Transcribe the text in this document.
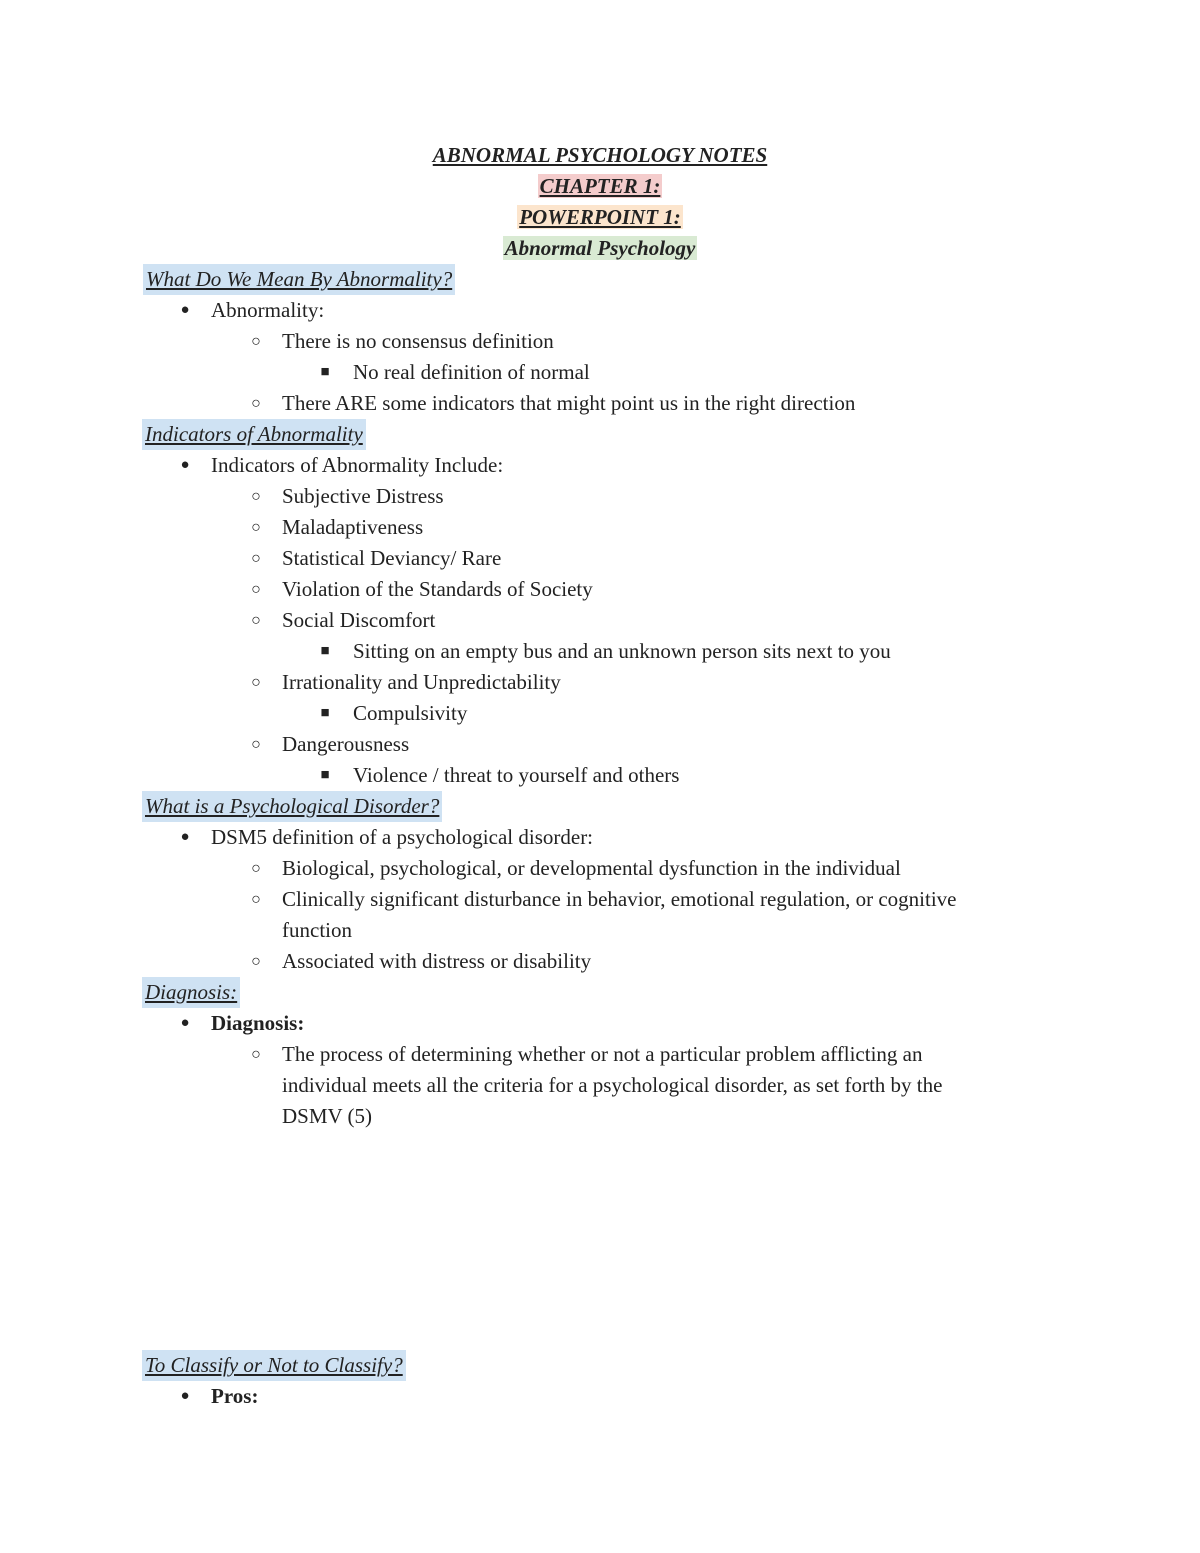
ABNORMAL PSYCHOLOGY NOTES
CHAPTER 1:
POWERPOINT 1:
Abnormal Psychology
What Do We Mean By Abnormality?
● Abnormality:
○ There is no consensus definition
■ No real definition of normal
○ There ARE some indicators that might point us in the right direction
Indicators of Abnormality
● Indicators of Abnormality Include:
○ Subjective Distress
○ Maladaptiveness
○ Statistical Deviancy/ Rare
○ Violation of the Standards of Society
○ Social Discomfort
■ Sitting on an empty bus and an unknown person sits next to you
○ Irrationality and Unpredictability
■ Compulsivity
○ Dangerousness
■ Violence / threat to yourself and others
What is a Psychological Disorder?
● DSM5 definition of a psychological disorder:
○ Biological, psychological, or developmental dysfunction in the individual
○ Clinically significant disturbance in behavior, emotional regulation, or cognitive
function
○ Associated with distress or disability
Diagnosis:
● Diagnosis:
○ The process of determining whether or not a particular problem afflicting an
individual meets all the criteria for a psychological disorder, as set forth by the
DSMV (5)
To Classify or Not to Classify?
● Pros:
